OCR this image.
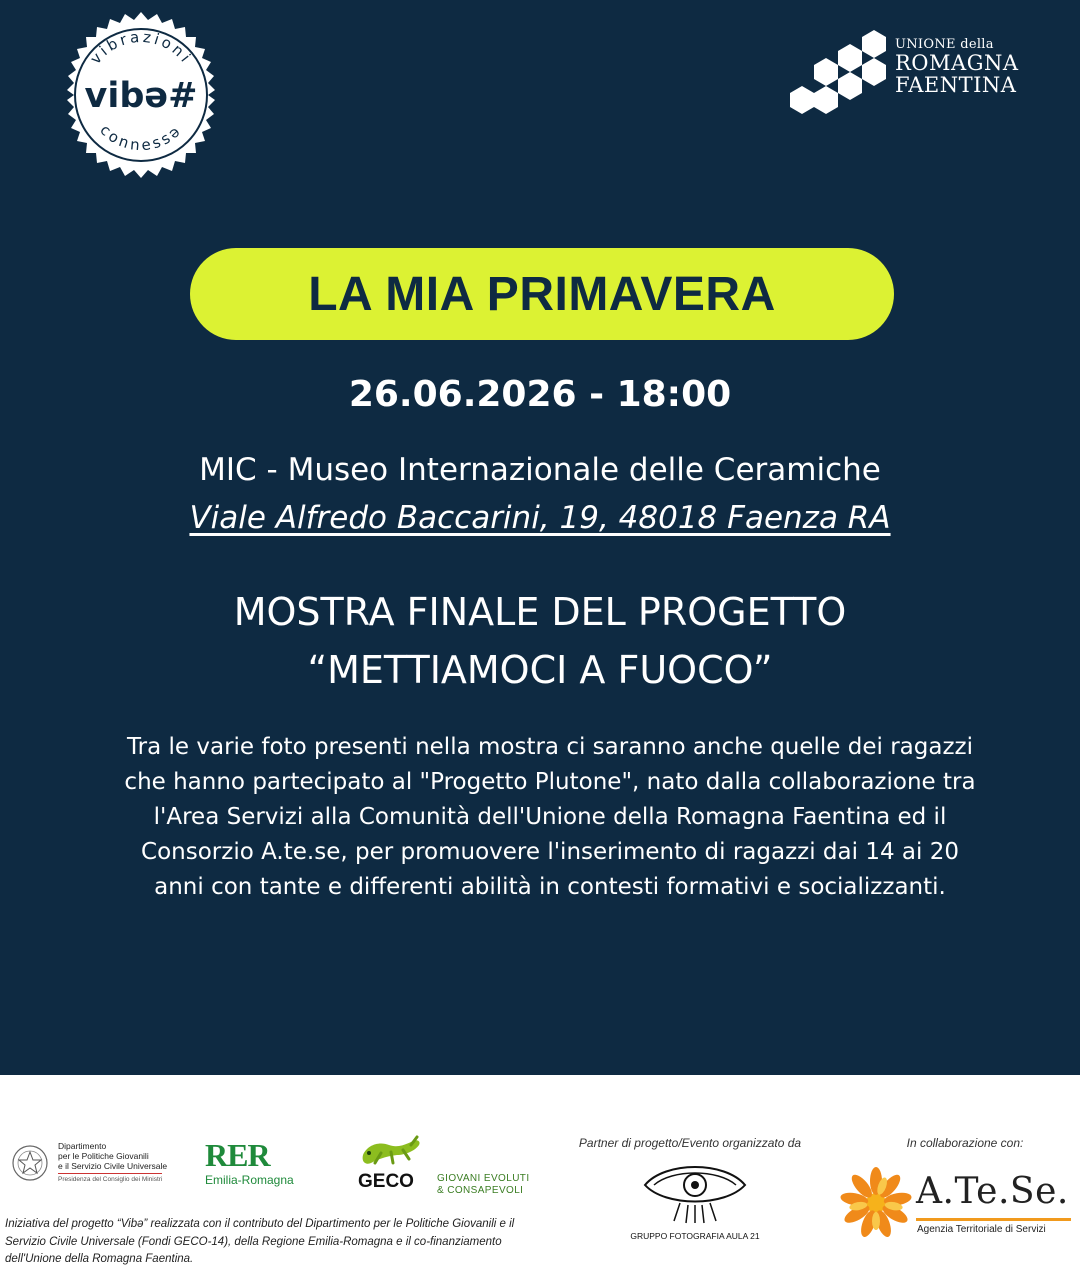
vibrazioni
vibə#
connessə
UNIONE della
ROMAGNA
FAENTINA
LA MIA PRIMAVERA
26.06.2026 - 18:00
MIC - Museo Internazionale delle Ceramiche
Viale Alfredo Baccarini, 19, 48018 Faenza RA
MOSTRA FINALE DEL PROGETTO
“METTIAMOCI A FUOCO”
Tra le varie foto presenti nella mostra ci saranno anche quelle dei ragazzi che hanno partecipato al "Progetto Plutone", nato dalla collaborazione tra l'Area Servizi alla Comunità dell'Unione della Romagna Faentina ed il Consorzio A.te.se, per promuovere l'inserimento di ragazzi dai 14 ai 20 anni con tante e differenti abilità in contesti formativi e socializzanti.
Dipartimento
per le Politiche Giovanili
e il Servizio Civile Universale
Presidenza del Consiglio dei Ministri
RER
Emilia-Romagna	GECO GIOVANI EVOLUTI
& CONSAPEVOLI
Iniziativa del progetto “Vibə” realizzata con il contributo del Dipartimento per le Politiche Giovanili e il Servizio Civile Universale (Fondi GECO-14), della Regione Emilia-Romagna e il co-finanziamento dell'Unione della Romagna Faentina.
Partner di progetto/Evento organizzato da
GRUPPO FOTOGRAFIA AULA 21
In collaborazione con:
A.Te.Se.
Agenzia Territoriale di Servizi
